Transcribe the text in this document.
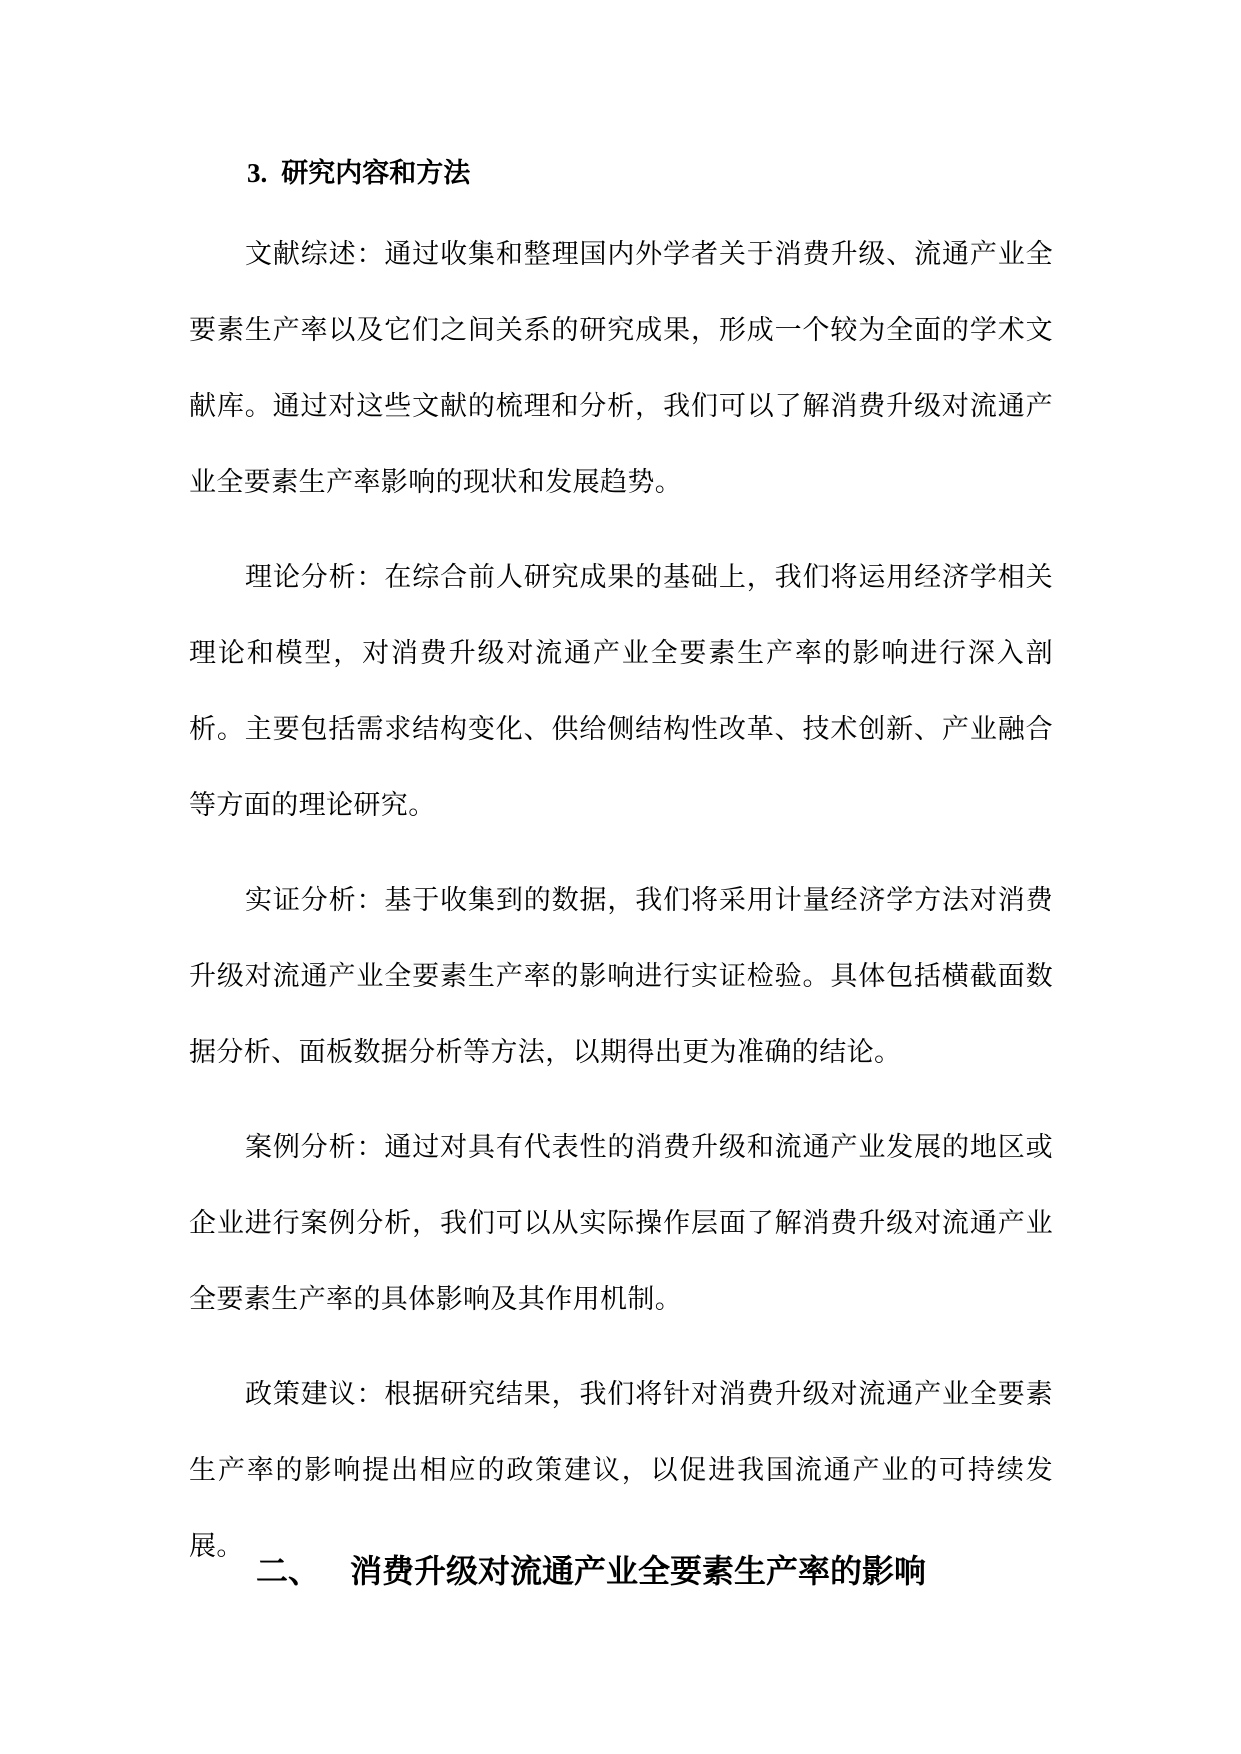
3. 研究内容和方法

文献综述：通过收集和整理国内外学者关于消费升级、流通产业全要素生产率以及它们之间关系的研究成果，形成一个较为全面的学术文献库。通过对这些文献的梳理和分析，我们可以了解消费升级对流通产业全要素生产率影响的现状和发展趋势。

理论分析：在综合前人研究成果的基础上，我们将运用经济学相关理论和模型，对消费升级对流通产业全要素生产率的影响进行深入剖析。主要包括需求结构变化、供给侧结构性改革、技术创新、产业融合等方面的理论研究。

实证分析：基于收集到的数据，我们将采用计量经济学方法对消费升级对流通产业全要素生产率的影响进行实证检验。具体包括横截面数据分析、面板数据分析等方法，以期得出更为准确的结论。

案例分析：通过对具有代表性的消费升级和流通产业发展的地区或企业进行案例分析，我们可以从实际操作层面了解消费升级对流通产业全要素生产率的具体影响及其作用机制。

政策建议：根据研究结果，我们将针对消费升级对流通产业全要素生产率的影响提出相应的政策建议，以促进我国流通产业的可持续发展。

二、 消费升级对流通产业全要素生产率的影响
